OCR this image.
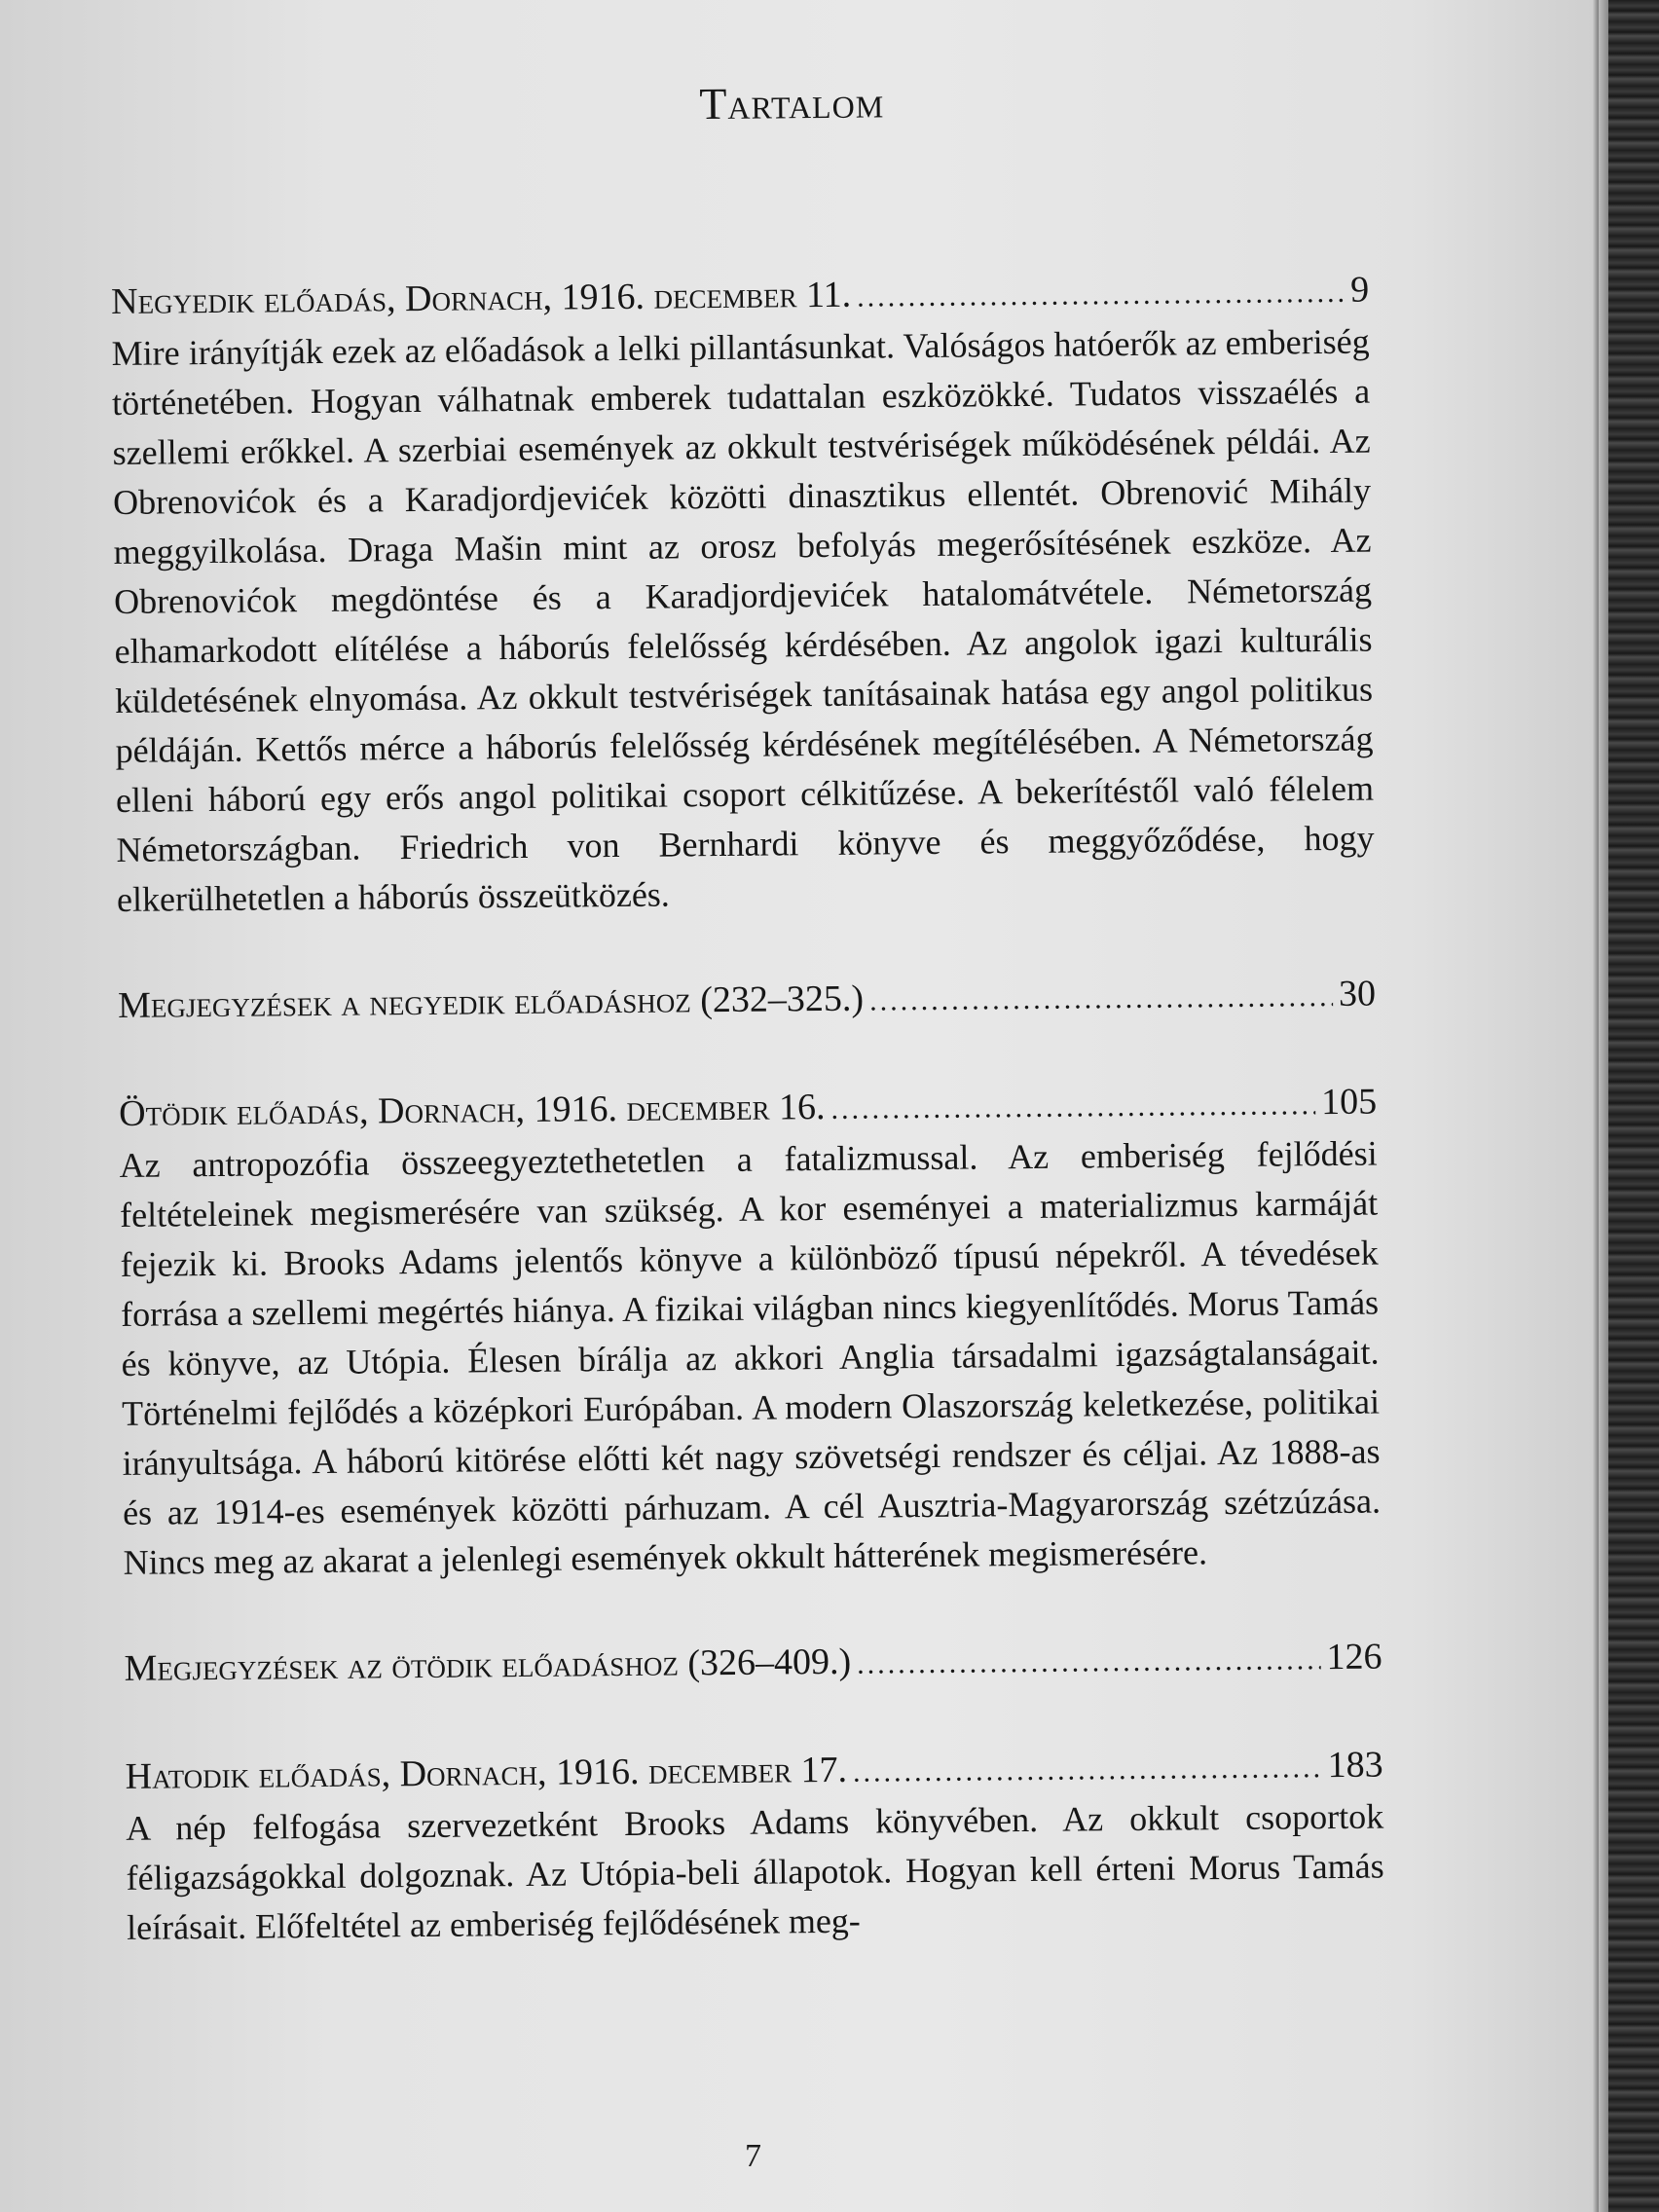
Tartalom
Negyedik előadás, Dornach, 1916. december 11. .....	9

Mire irányítják ezek az előadások a lelki pillantásunkat. Valóságos hatóerők az emberiség történetében. Hogyan válhatnak emberek tudattalan eszközökké. Tudatos visszaélés a szellemi erőkkel. A szerbiai események az okkult testvériségek működésének példái. Az Obrenovićok és a Karadjordjevićek közötti dinasztikus ellentét. Obrenović Mihály meggyilkolása. Draga Mašin mint az orosz befolyás megerősítésének eszköze. Az Obrenovićok megdöntése és a Karadjordjevićek hatalomátvétele. Németország elhamarkodott elítélése a háborús felelősség kérdésében. Az angolok igazi kulturális küldetésének elnyomása. Az okkult testvériségek tanításainak hatása egy angol politikus példáján. Kettős mérce a háborús felelősség kérdésének megítélésében. A Németország elleni háború egy erős angol politikai csoport célkitűzése. A bekerítéstől való félelem Németországban. Friedrich von Bernhardi könyve és meggyőződése, hogy elkerülhetetlen a háborús összeütközés.

Megjegyzések a negyedik előadáshoz (232–325.) .....	30
Ötödik előadás, Dornach, 1916. december 16. .....	105

Az antropozófia összeegyeztethetetlen a fatalizmussal. Az emberiség fejlődési feltételeinek megismerésére van szükség. A kor eseményei a materializmus karmáját fejezik ki. Brooks Adams jelentős könyve a különböző típusú népekről. A tévedések forrása a szellemi megértés hiánya. A fizikai világban nincs kiegyenlítődés. Morus Tamás és könyve, az Utópia. Élesen bírálja az akkori Anglia társadalmi igazságtalanságait. Történelmi fejlődés a középkori Európában. A modern Olaszország keletkezése, politikai irányultsága. A háború kitörése előtti két nagy szövetségi rendszer és céljai. Az 1888-as és az 1914-es események közötti párhuzam. A cél Ausztria-Magyarország szétzúzása. Nincs meg az akarat a jelenlegi események okkult hátterének megismerésére.

Megjegyzések az ötödik előadáshoz (326–409.) .....	126
Hatodik előadás, Dornach, 1916. december 17. .....	183

A nép felfogása szervezetként Brooks Adams könyvében. Az okkult csoportok féligazságokkal dolgoznak. Az Utópia-beli állapotok. Hogyan kell érteni Morus Tamás leírásait. Előfeltétel az emberiség fejlődésének meg-

7
